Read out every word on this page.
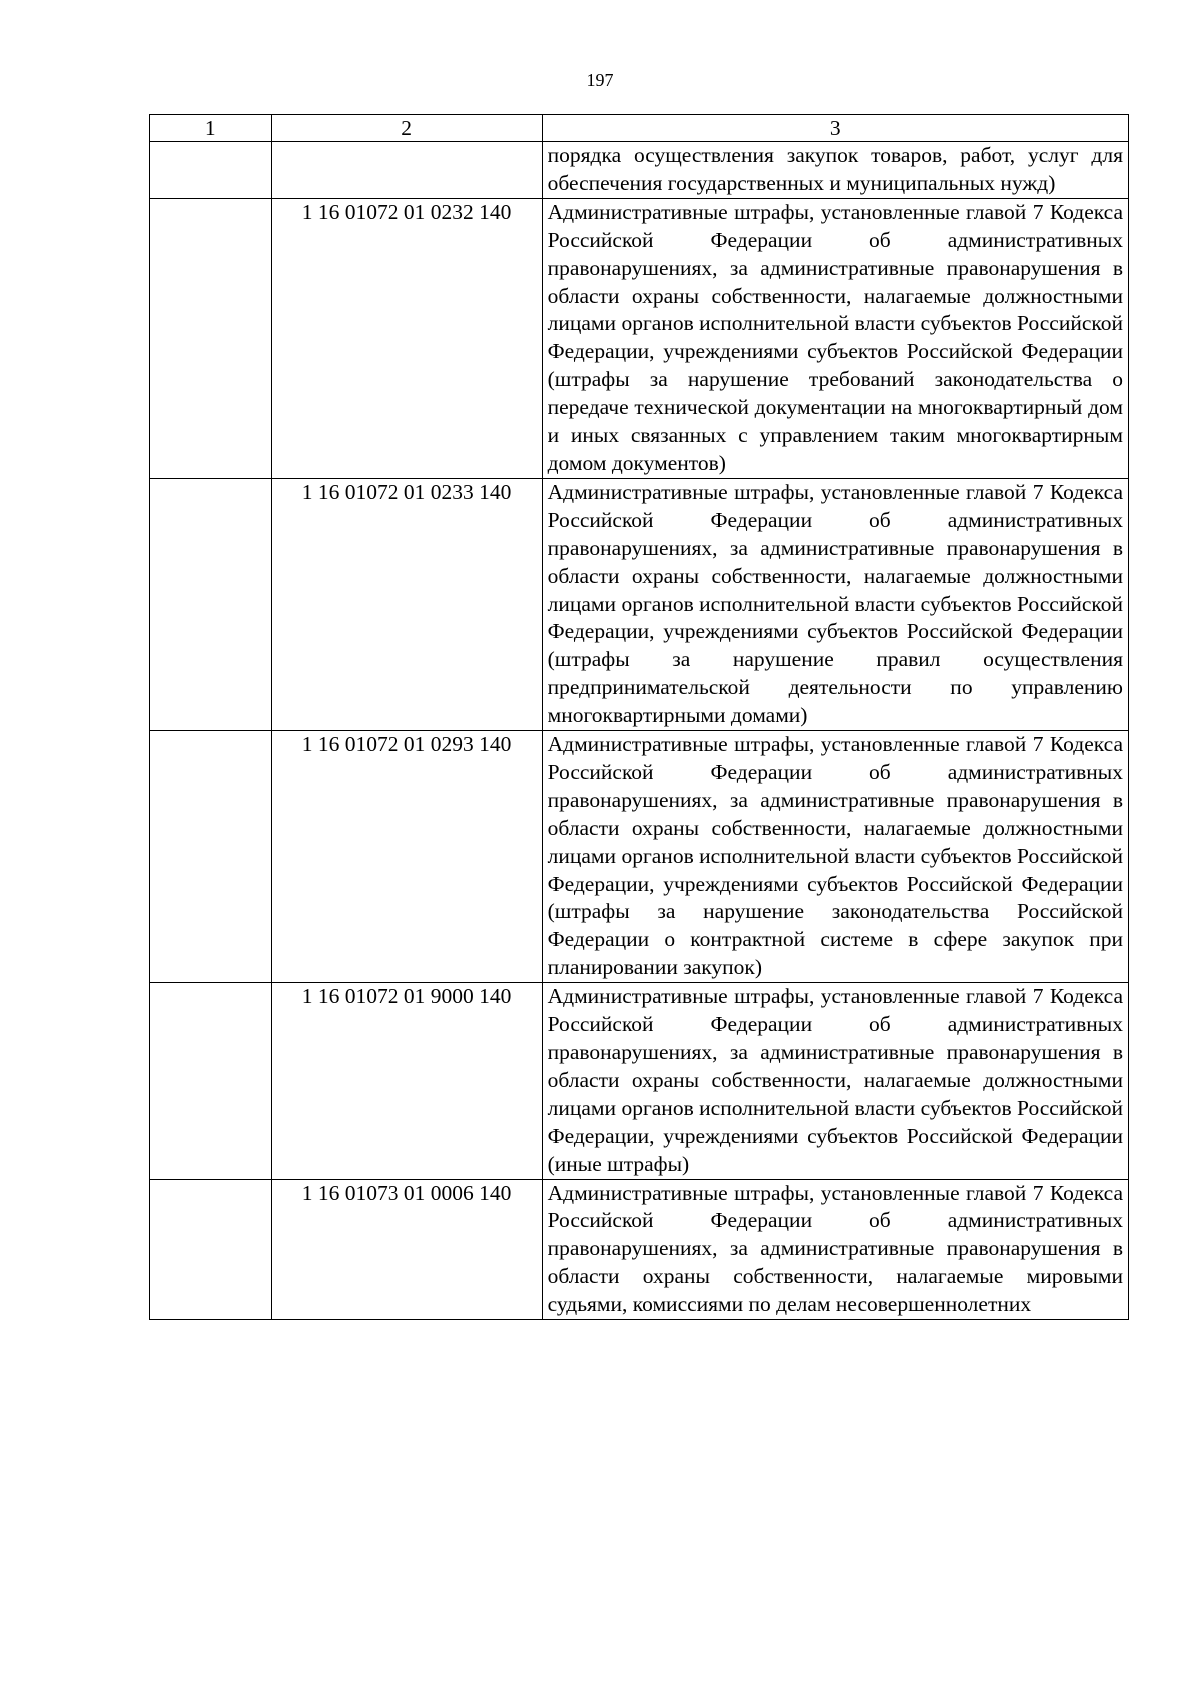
197
1	2	3
		порядка осуществления закупок товаров, работ, услуг для обеспечения государственных и муниципальных нужд)
	1 16 01072 01 0232 140	Административные штрафы, установленные главой 7 Кодекса Российской Федерации об административных правонарушениях, за административные правонарушения в области охраны собственности, налагаемые должностными лицами органов исполнительной власти субъектов Российской Федерации, учреждениями субъектов Российской Федерации (штрафы за нарушение требований законодательства о передаче технической документации на многоквартирный дом и иных связанных с управлением таким многоквартирным домом документов)
	1 16 01072 01 0233 140	Административные штрафы, установленные главой 7 Кодекса Российской Федерации об административных правонарушениях, за административные правонарушения в области охраны собственности, налагаемые должностными лицами органов исполнительной власти субъектов Российской Федерации, учреждениями субъектов Российской Федерации (штрафы за нарушение правил осуществления предпринимательской деятельности по управлению многоквартирными домами)
	1 16 01072 01 0293 140	Административные штрафы, установленные главой 7 Кодекса Российской Федерации об административных правонарушениях, за административные правонарушения в области охраны собственности, налагаемые должностными лицами органов исполнительной власти субъектов Российской Федерации, учреждениями субъектов Российской Федерации (штрафы за нарушение законодательства Российской Федерации о контрактной системе в сфере закупок при планировании закупок)
	1 16 01072 01 9000 140	Административные штрафы, установленные главой 7 Кодекса Российской Федерации об административных правонарушениях, за административные правонарушения в области охраны собственности, налагаемые должностными лицами органов исполнительной власти субъектов Российской Федерации, учреждениями субъектов Российской Федерации (иные штрафы)
	1 16 01073 01 0006 140	Административные штрафы, установленные главой 7 Кодекса Российской Федерации об административных правонарушениях, за административные правонарушения в области охраны собственности, налагаемые мировыми судьями, комиссиями по делам несовершеннолетних
